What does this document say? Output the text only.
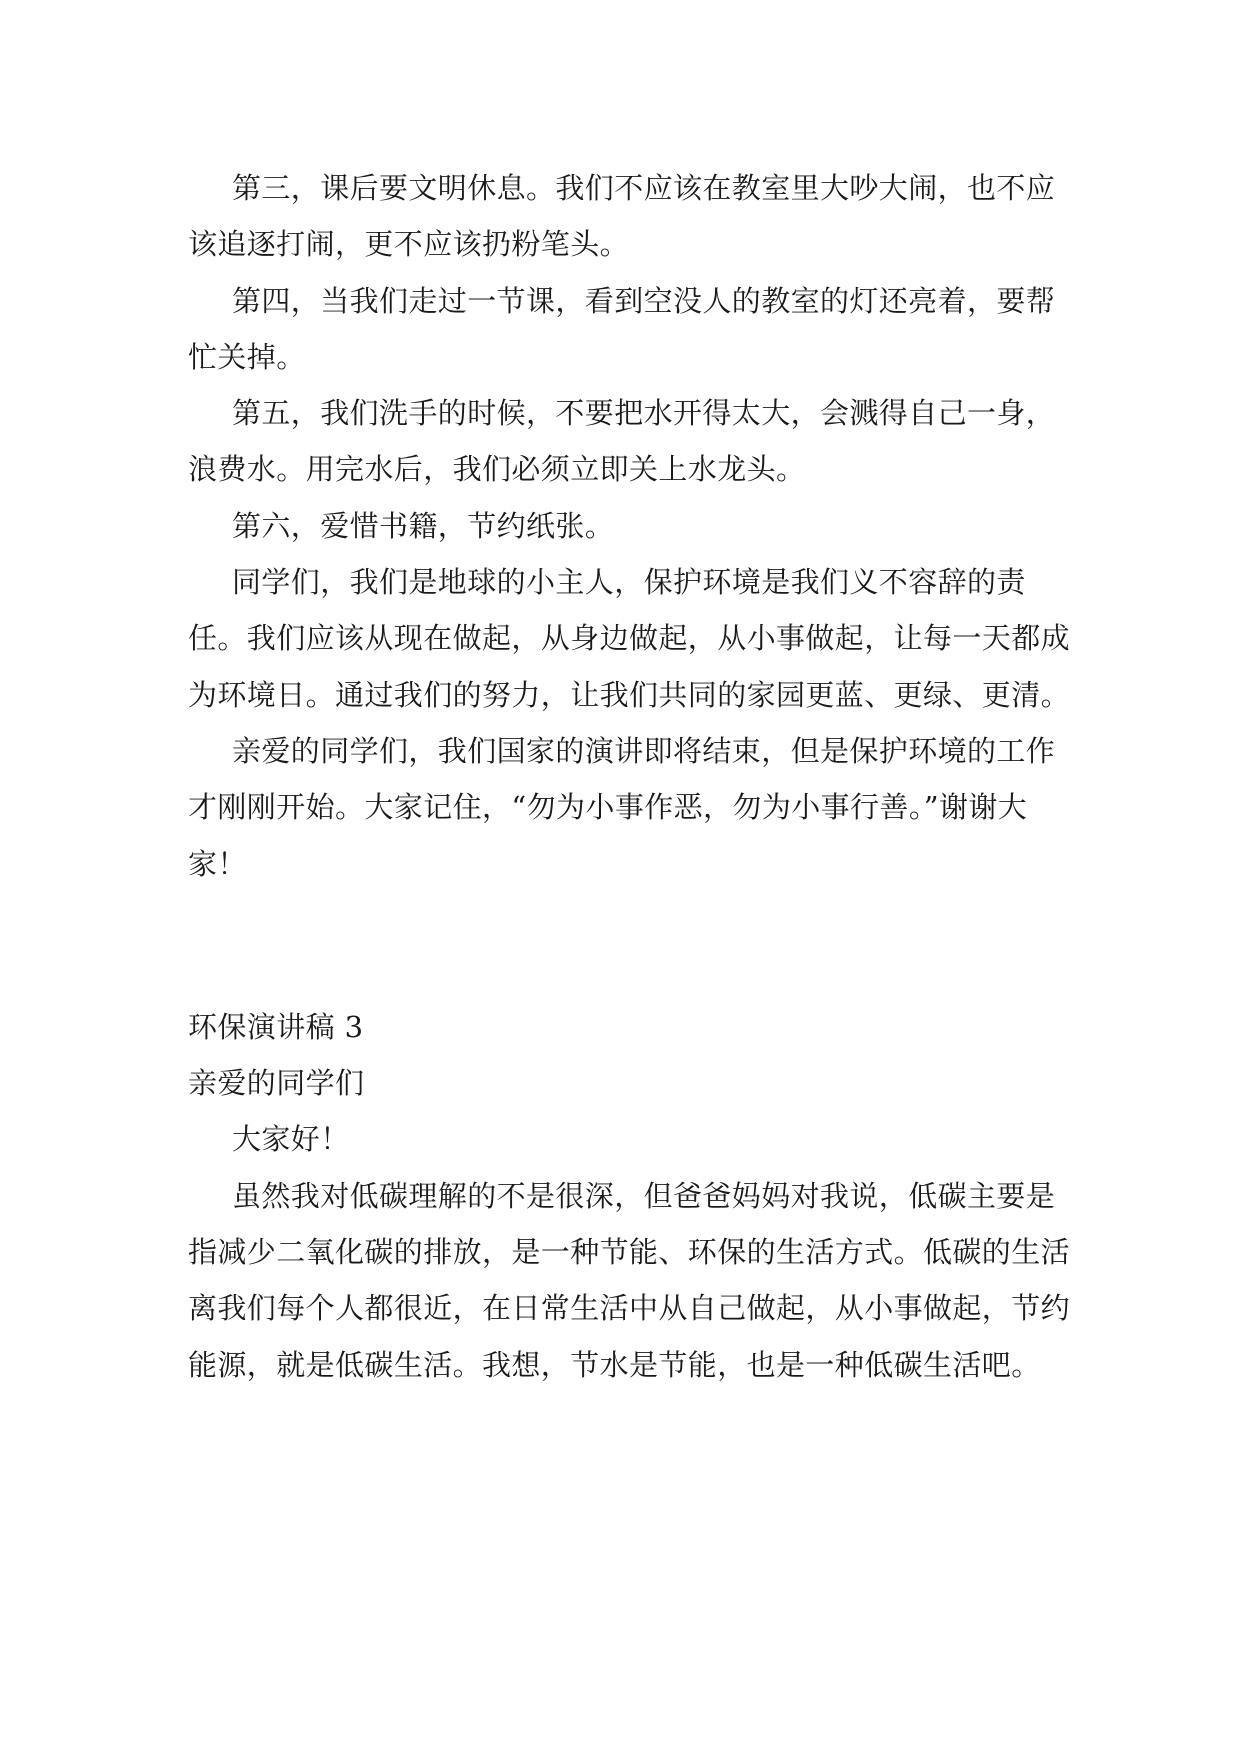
第三，课后要文明休息。我们不应该在教室里大吵大闹，也不应该追逐打闹，更不应该扔粉笔头。

第四，当我们走过一节课，看到空没人的教室的灯还亮着，要帮忙关掉。

第五，我们洗手的时候，不要把水开得太大，会溅得自己一身，浪费水。用完水后，我们必须立即关上水龙头。

第六，爱惜书籍，节约纸张。

同学们，我们是地球的小主人，保护环境是我们义不容辞的责任。我们应该从现在做起，从身边做起，从小事做起，让每一天都成为环境日。通过我们的努力，让我们共同的家园更蓝、更绿、更清。

亲爱的同学们，我们国家的演讲即将结束，但是保护环境的工作才刚刚开始。大家记住，“勿为小事作恶，勿为小事行善。”谢谢大家！

环保演讲稿 3

亲爱的同学们

大家好！

虽然我对低碳理解的不是很深，但爸爸妈妈对我说，低碳主要是指减少二氧化碳的排放，是一种节能、环保的生活方式。低碳的生活离我们每个人都很近，在日常生活中从自己做起，从小事做起，节约能源，就是低碳生活。我想，节水是节能，也是一种低碳生活吧。
